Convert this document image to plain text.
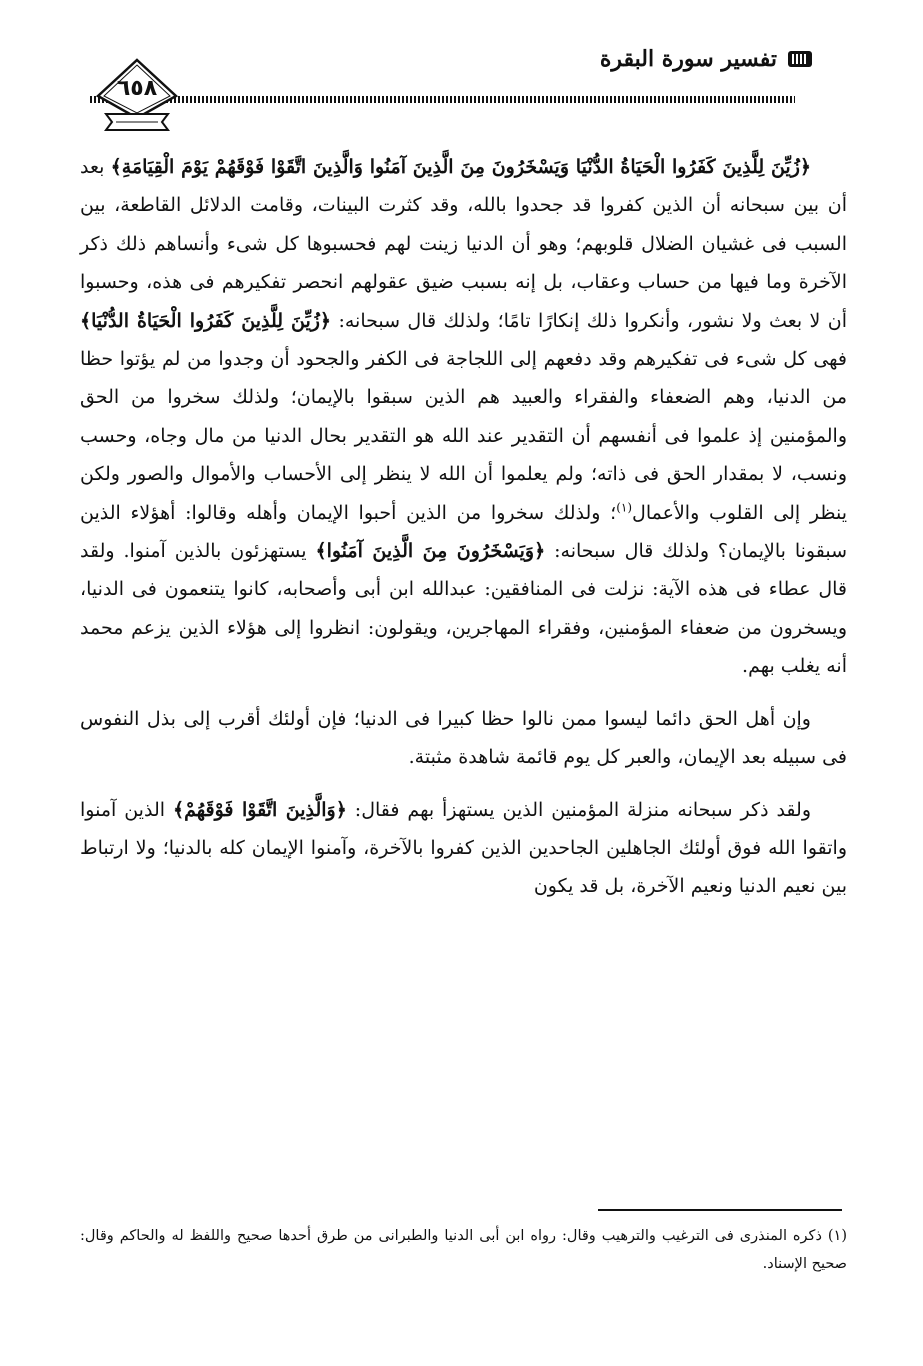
تفسير سورة البقرة
٦٥٨

﴿زُيِّنَ لِلَّذِينَ كَفَرُوا الْحَيَاةُ الدُّنْيَا وَيَسْخَرُونَ مِنَ الَّذِينَ آمَنُوا وَالَّذِينَ اتَّقَوْا فَوْقَهُمْ يَوْمَ الْقِيَامَةِ﴾ بعد أن بين سبحانه أن الذين كفروا قد جحدوا بالله، وقد كثرت البينات، وقامت الدلائل القاطعة، بين السبب فى غشيان الضلال قلوبهم؛ وهو أن الدنيا زينت لهم فحسبوها كل شىء وأنساهم ذلك ذكر الآخرة وما فيها من حساب وعقاب، بل إنه بسبب ضيق عقولهم انحصر تفكيرهم فى هذه، وحسبوا أن لا بعث ولا نشور، وأنكروا ذلك إنكارًا تامًا؛ ولذلك قال سبحانه: ﴿زُيِّنَ لِلَّذِينَ كَفَرُوا الْحَيَاةُ الدُّنْيَا﴾ فهى كل شىء فى تفكيرهم وقد دفعهم إلى اللجاجة فى الكفر والجحود أن وجدوا من لم يؤتوا حظا من الدنيا، وهم الضعفاء والفقراء والعبيد هم الذين سبقوا بالإيمان؛ ولذلك سخروا من الحق والمؤمنين إذ علموا فى أنفسهم أن التقدير عند الله هو التقدير بحال الدنيا من مال وجاه، وحسب ونسب، لا بمقدار الحق فى ذاته؛ ولم يعلموا أن الله لا ينظر إلى الأحساب والأموال والصور ولكن ينظر إلى القلوب والأعمال$^{(١)}$؛ ولذلك سخروا من الذين أحبوا الإيمان وأهله وقالوا: أهؤلاء الذين سبقونا بالإيمان؟ ولذلك قال سبحانه: ﴿وَيَسْخَرُونَ مِنَ الَّذِينَ آمَنُوا﴾ يستهزئون بالذين آمنوا. ولقد قال عطاء فى هذه الآية: نزلت فى المنافقين: عبدالله ابن أبى وأصحابه، كانوا يتنعمون فى الدنيا، ويسخرون من ضعفاء المؤمنين، وفقراء المهاجرين، ويقولون: انظروا إلى هؤلاء الذين يزعم محمد أنه يغلب بهم.

وإن أهل الحق دائما ليسوا ممن نالوا حظا كبيرا فى الدنيا؛ فإن أولئك أقرب إلى بذل النفوس فى سبيله بعد الإيمان، والعبر كل يوم قائمة شاهدة مثبتة.

ولقد ذكر سبحانه منزلة المؤمنين الذين يستهزأ بهم فقال: ﴿وَالَّذِينَ اتَّقَوْا فَوْقَهُمْ﴾ الذين آمنوا واتقوا الله فوق أولئك الجاهلين الجاحدين الذين كفروا بالآخرة، وآمنوا الإيمان كله بالدنيا؛ ولا ارتباط بين نعيم الدنيا ونعيم الآخرة، بل قد يكون

(١) ذكره المنذرى فى الترغيب والترهيب وقال: رواه ابن أبى الدنيا والطبرانى من طرق أحدها صحيح واللفظ له والحاكم وقال: صحيح الإسناد.
